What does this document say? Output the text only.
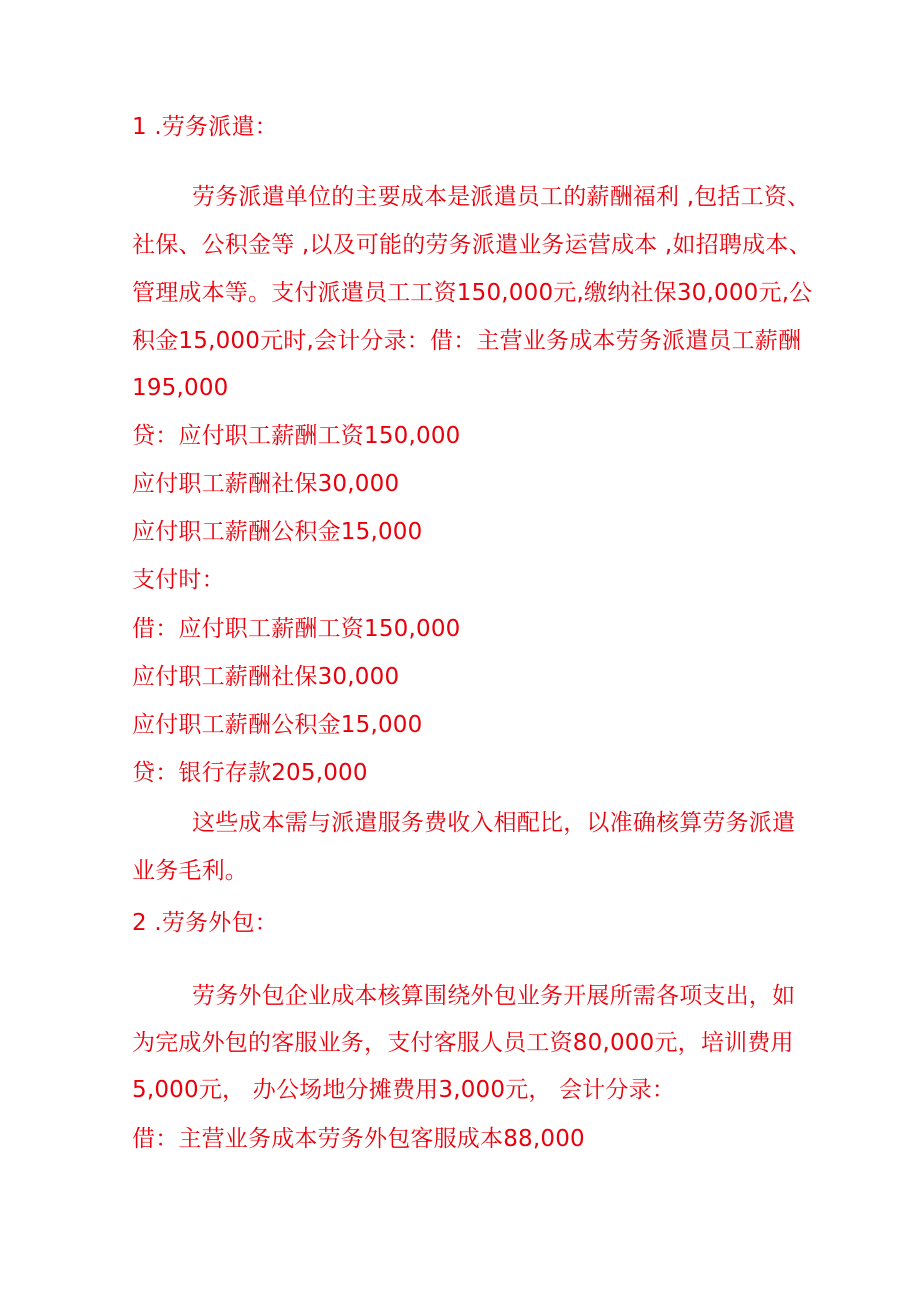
1 .劳务派遣：
劳务派遣单位的主要成本是派遣员工的薪酬福利 ,包括工资、
社保、公积金等 ,以及可能的劳务派遣业务运营成本 ,如招聘成本、
管理成本等。支付派遣员工工资150,000元,缴纳社保30,000元,公
积金15,000元时,会计分录：借：主营业务成本劳务派遣员工薪酬
195,000
贷：应付职工薪酬工资150,000
应付职工薪酬社保30,000
应付职工薪酬公积金15,000
支付时：
借：应付职工薪酬工资150,000
应付职工薪酬社保30,000
应付职工薪酬公积金15,000
贷：银行存款205,000
这些成本需与派遣服务费收入相配比，以准确核算劳务派遣
业务毛利。
2 .劳务外包：
劳务外包企业成本核算围绕外包业务开展所需各项支出，如
为完成外包的客服业务，支付客服人员工资80,000元，培训费用
5,000元， 办公场地分摊费用3,000元， 会计分录：
借：主营业务成本劳务外包客服成本88,000
